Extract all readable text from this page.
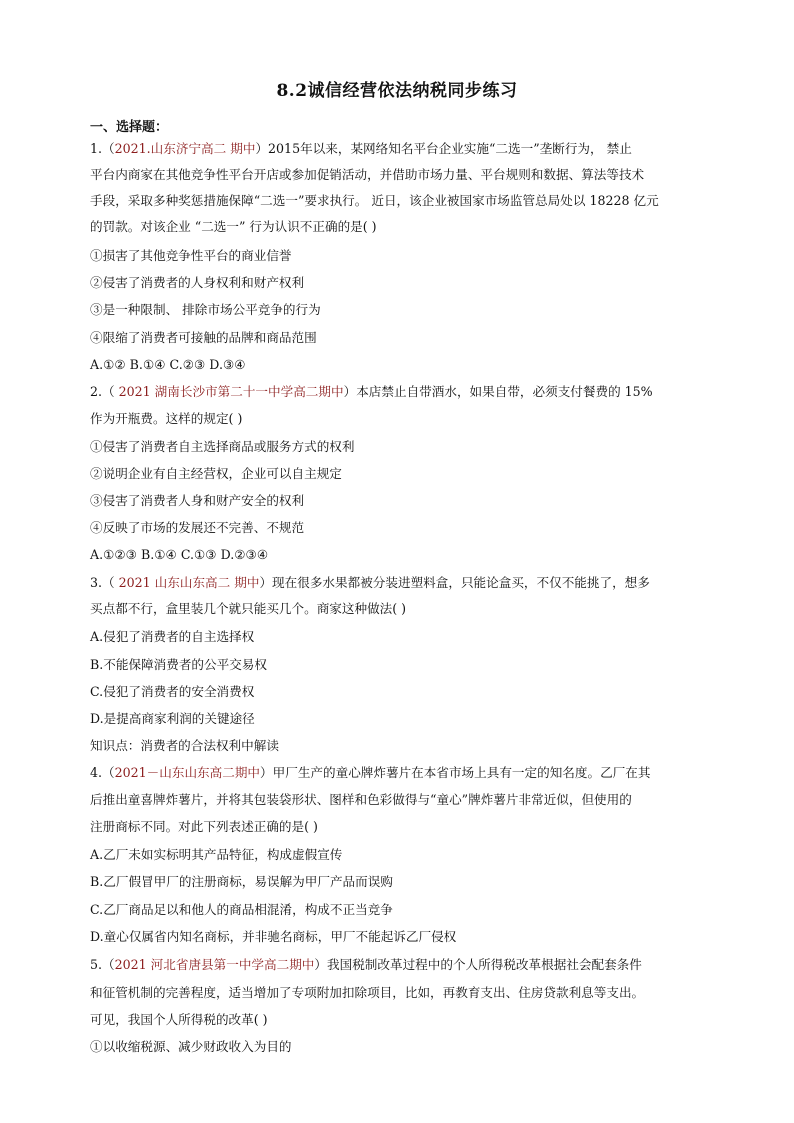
8.2诚信经营依法纳税同步练习
一、选择题：
1.（2021.山东济宁高二 期中）2015年以来，某网络知名平台企业实施“二选一”垄断行为， 禁止
平台内商家在其他竞争性平台开店或参加促销活动，并借助市场力量、平台规则和数据、算法等技术
手段，采取多种奖惩措施保障“二选一”要求执行。 近日，该企业被国家市场监管总局处以 18228 亿元
的罚款。对该企业 “二选一” 行为认识不正确的是( )
①损害了其他竞争性平台的商业信誉
②侵害了消费者的人身权利和财产权利
③是一种限制、 排除市场公平竞争的行为
④限缩了消费者可接触的品牌和商品范围
A.①② B.①④ C.②③ D.③④
2.（ 2021 湖南长沙市第二十一中学高二期中）本店禁止自带酒水，如果自带，必须支付餐费的 15%
作为开瓶费。这样的规定( )
①侵害了消费者自主选择商品或服务方式的权利
②说明企业有自主经营权，企业可以自主规定
③侵害了消费者人身和财产安全的权利
④反映了市场的发展还不完善、不规范
A.①②③ B.①④ C.①③ D.②③④
3.（ 2021 山东山东高二 期中）现在很多水果都被分装进塑料盒，只能论盒买，不仅不能挑了，想多
买点都不行，盒里装几个就只能买几个。商家这种做法( )
A.侵犯了消费者的自主选择权
B.不能保障消费者的公平交易权
C.侵犯了消费者的安全消费权
D.是提高商家利润的关键途径
知识点：消费者的合法权利中解读
4.（2021－山东山东高二期中）甲厂生产的童心牌炸薯片在本省市场上具有一定的知名度。乙厂在其
后推出童喜牌炸薯片，并将其包装袋形状、图样和色彩做得与“童心”牌炸薯片非常近似，但使用的
注册商标不同。对此下列表述正确的是( )
A.乙厂未如实标明其产品特征，构成虚假宣传
B.乙厂假冒甲厂的注册商标，易误解为甲厂产品而误购
C.乙厂商品足以和他人的商品相混淆，构成不正当竞争
D.童心仅属省内知名商标，并非驰名商标，甲厂不能起诉乙厂侵权
5.（2021 河北省唐县第一中学高二期中）我国税制改革过程中的个人所得税改革根据社会配套条件
和征管机制的完善程度，适当增加了专项附加扣除项目，比如，再教育支出、住房贷款利息等支出。
可见，我国个人所得税的改革( )
①以收缩税源、减少财政收入为目的
